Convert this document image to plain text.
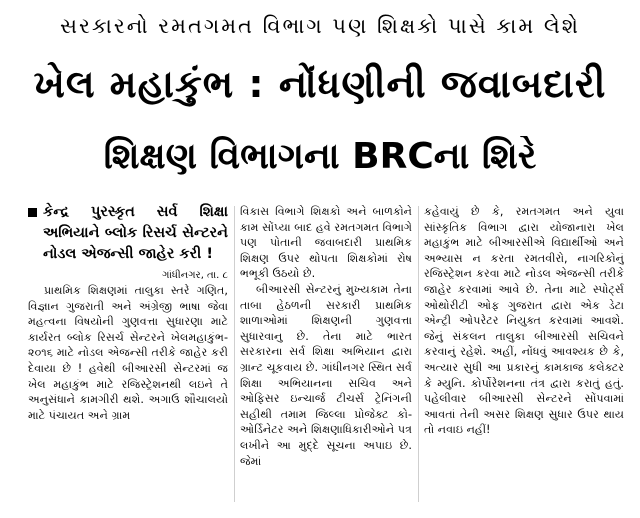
સરકારનો રમતગમત વિભાગ પણ શિક્ષકો પાસે કામ લેશે
ખેલ મહાકુંભ : નોંધણીની જવાબદારી
શિક્ષણ વિભાગના BRCના શિરે
કેન્દ્ર પુરસ્કૃત સર્વ શિક્ષા અભિયાને બ્લોક રિસર્ચ સેન્ટરને નોડલ એજન્સી જાહેર કરી !
ગાંધીનગર, તા. ૮

પ્રાથમિક શિક્ષણમાં તાલુકા સ્તરે ગણિત, વિજ્ઞાન ગુજરાતી અને અંગ્રેજી ભાષા જેવા મહત્વના વિષયોની ગુણવત્તા સુધારણા માટે કાર્યરત બ્લોક રિસર્ચ સેન્ટરને ખેલમહાકુંભ- ૨૦૧૬ માટે નોડલ એજન્સી તરીકે જાહેર કરી દેવાયા છે ! હવેથી બીઆરસી સેન્ટરમાં જ ખેલ મહાકુંભ માટે રજિસ્ટ્રેશનથી લઇને તે અનુસંધાને કામગીરી થશે. અગાઉ શૌચાલયો માટે પંચાયત અને ગ્રામ

વિકાસ વિભાગે શિક્ષકો અને બાળકોને કામ સોંપ્યા બાદ હવે રમતગમત વિભાગે પણ પોતાની જવાબદારી પ્રાથમિક શિક્ષણ ઉપર થોપતા શિક્ષકોમાં રોષ ભભૂકી ઉઠયો છે.

બીઆરસી સેન્ટરનું મુખ્યકામ તેના તાબા હેઠળની સરકારી પ્રાથમિક શાળાઓમાં શિક્ષણની ગુણવત્તા સુધારવાનુ છે. તેના માટે ભારત સરકારના સર્વ શિક્ષા અભિયાન દ્વારા ગ્રાન્ટ ચૂકવાય છે. ગાંધીનગર સ્થિત સર્વ શિક્ષા અભિયાનના સચિવ અને ઓફિસર ઇન્ચાર્જ ટીચર્સ ટ્રેનિંગની સહીથી તમામ જિલ્લા પ્રોજેક્ટ કો-ઓર્ડિનેટર અને શિક્ષણાધિકારીઓને પત્ર લખીને આ મુદ્દે સૂચના અપાઇ છે. જેમાં

કહેવાયું છે કે, રમતગમત અને યુવા સાંસ્કૃતિક વિભાગ દ્વારા યોજાનારા ખેલ મહાકુંભ માટે બીઆરસીએ વિદ્યાર્થીઓ અને અભ્યાસ ન કરતા રમતવીરો, નાગરિકોનું રજિસ્ટ્રેશન કરવા માટે નોડલ એજન્સી તરીકે જાહેર કરવામાં આવે છે. તેના માટે સ્પોર્ટ્સ ઓથોરીટી ઓફ ગુજરાત દ્વારા એક ડેટા એન્ટ્રી ઓપરેટર નિયુક્ત કરવામાં આવશે. જેનું સંકલન તાલુકા બીઆરસી સચિવને કરવાનું રહેશે. અહીં, નોંધવું આવશ્યક છે કે, અત્યાર સુધી આ પ્રકારનું કામકાજ કલેક્ટર કે મ્યુનિ. કોર્પોરેશનના તંત્ર દ્વારા કરાતું હતું. પહેલીવાર બીઆરસી સેન્ટરને સોંપવામાં આવતાં તેની અસર શિક્ષણ સુધાર ઉપર થાય તો નવાઇ નહીં!
